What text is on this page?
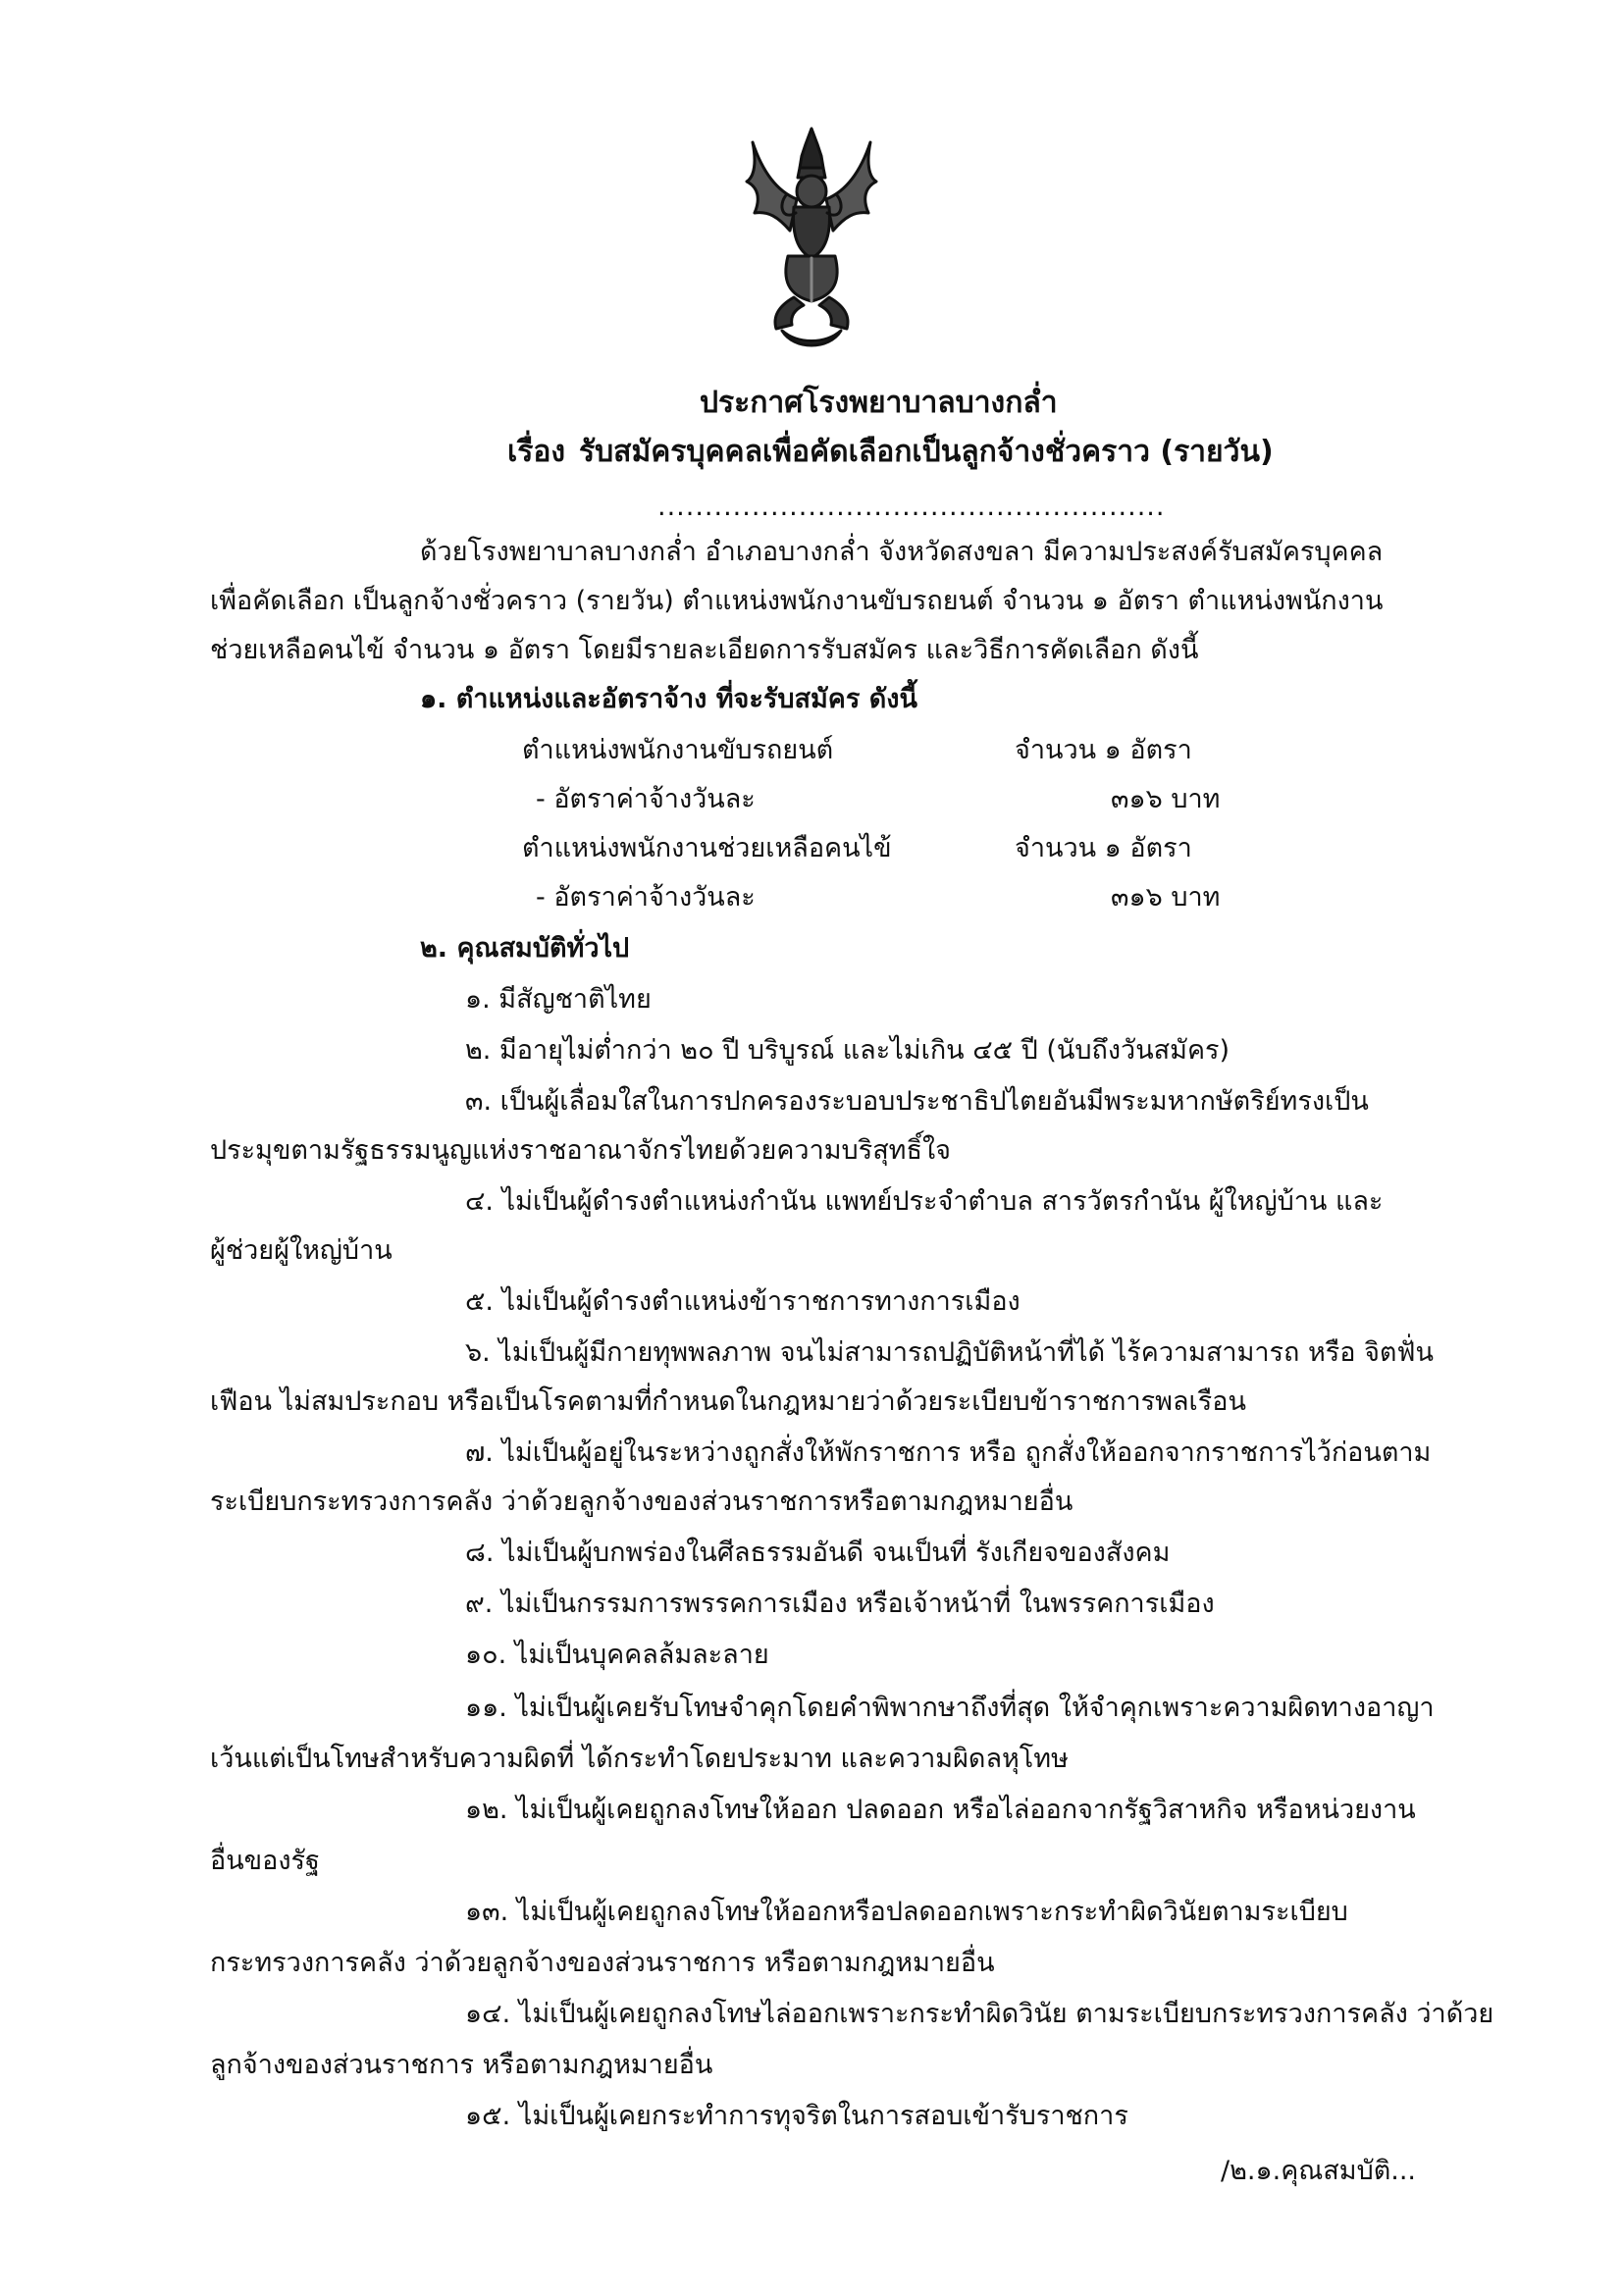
ประกาศโรงพยาบาลบางกล่ำ
เรื่อง รับสมัครบุคคลเพื่อคัดเลือกเป็นลูกจ้างชั่วคราว (รายวัน)
......................................................
ด้วยโรงพยาบาลบางกล่ำ อำเภอบางกล่ำ จังหวัดสงขลา มีความประสงค์รับสมัครบุคคล
เพื่อคัดเลือก เป็นลูกจ้างชั่วคราว (รายวัน) ตำแหน่งพนักงานขับรถยนต์ จำนวน ๑ อัตรา ตำแหน่งพนักงาน
ช่วยเหลือคนไข้ จำนวน ๑ อัตรา โดยมีรายละเอียดการรับสมัคร และวิธีการคัดเลือก ดังนี้
๑. ตำแหน่งและอัตราจ้าง ที่จะรับสมัคร ดังนี้
ตำแหน่งพนักงานขับรถยนต์	จำนวน ๑ อัตรา
- อัตราค่าจ้างวันละ	๓๑๖ บาท
ตำแหน่งพนักงานช่วยเหลือคนไข้	จำนวน ๑ อัตรา
- อัตราค่าจ้างวันละ	๓๑๖ บาท
๒. คุณสมบัติทั่วไป
๑. มีสัญชาติไทย
๒. มีอายุไม่ต่ำกว่า ๒๐ ปี บริบูรณ์ และไม่เกิน ๔๕ ปี (นับถึงวันสมัคร)
๓. เป็นผู้เลื่อมใสในการปกครองระบอบประชาธิปไตยอันมีพระมหากษัตริย์ทรงเป็น
ประมุขตามรัฐธรรมนูญแห่งราชอาณาจักรไทยด้วยความบริสุทธิ์ใจ
๔. ไม่เป็นผู้ดำรงตำแหน่งกำนัน แพทย์ประจำตำบล สารวัตรกำนัน ผู้ใหญ่บ้าน และ
ผู้ช่วยผู้ใหญ่บ้าน
๕. ไม่เป็นผู้ดำรงตำแหน่งข้าราชการทางการเมือง
๖. ไม่เป็นผู้มีกายทุพพลภาพ จนไม่สามารถปฏิบัติหน้าที่ได้ ไร้ความสามารถ หรือ จิตฟั่น
เฟือน ไม่สมประกอบ หรือเป็นโรคตามที่กำหนดในกฎหมายว่าด้วยระเบียบข้าราชการพลเรือน
๗. ไม่เป็นผู้อยู่ในระหว่างถูกสั่งให้พักราชการ หรือ ถูกสั่งให้ออกจากราชการไว้ก่อนตาม
ระเบียบกระทรวงการคลัง ว่าด้วยลูกจ้างของส่วนราชการหรือตามกฎหมายอื่น
๘. ไม่เป็นผู้บกพร่องในศีลธรรมอันดี จนเป็นที่ รังเกียจของสังคม
๙. ไม่เป็นกรรมการพรรคการเมือง หรือเจ้าหน้าที่ ในพรรคการเมือง
๑๐. ไม่เป็นบุคคลล้มละลาย
๑๑. ไม่เป็นผู้เคยรับโทษจำคุกโดยคำพิพากษาถึงที่สุด ให้จำคุกเพราะความผิดทางอาญา
เว้นแต่เป็นโทษสำหรับความผิดที่ ได้กระทำโดยประมาท และความผิดลหุโทษ
๑๒. ไม่เป็นผู้เคยถูกลงโทษให้ออก ปลดออก หรือไล่ออกจากรัฐวิสาหกิจ หรือหน่วยงาน
อื่นของรัฐ
๑๓. ไม่เป็นผู้เคยถูกลงโทษให้ออกหรือปลดออกเพราะกระทำผิดวินัยตามระเบียบ
กระทรวงการคลัง ว่าด้วยลูกจ้างของส่วนราชการ หรือตามกฎหมายอื่น
๑๔. ไม่เป็นผู้เคยถูกลงโทษไล่ออกเพราะกระทำผิดวินัย ตามระเบียบกระทรวงการคลัง ว่าด้วย
ลูกจ้างของส่วนราชการ หรือตามกฎหมายอื่น
๑๕. ไม่เป็นผู้เคยกระทำการทุจริตในการสอบเข้ารับราชการ
/๒.๑.คุณสมบัติ...
